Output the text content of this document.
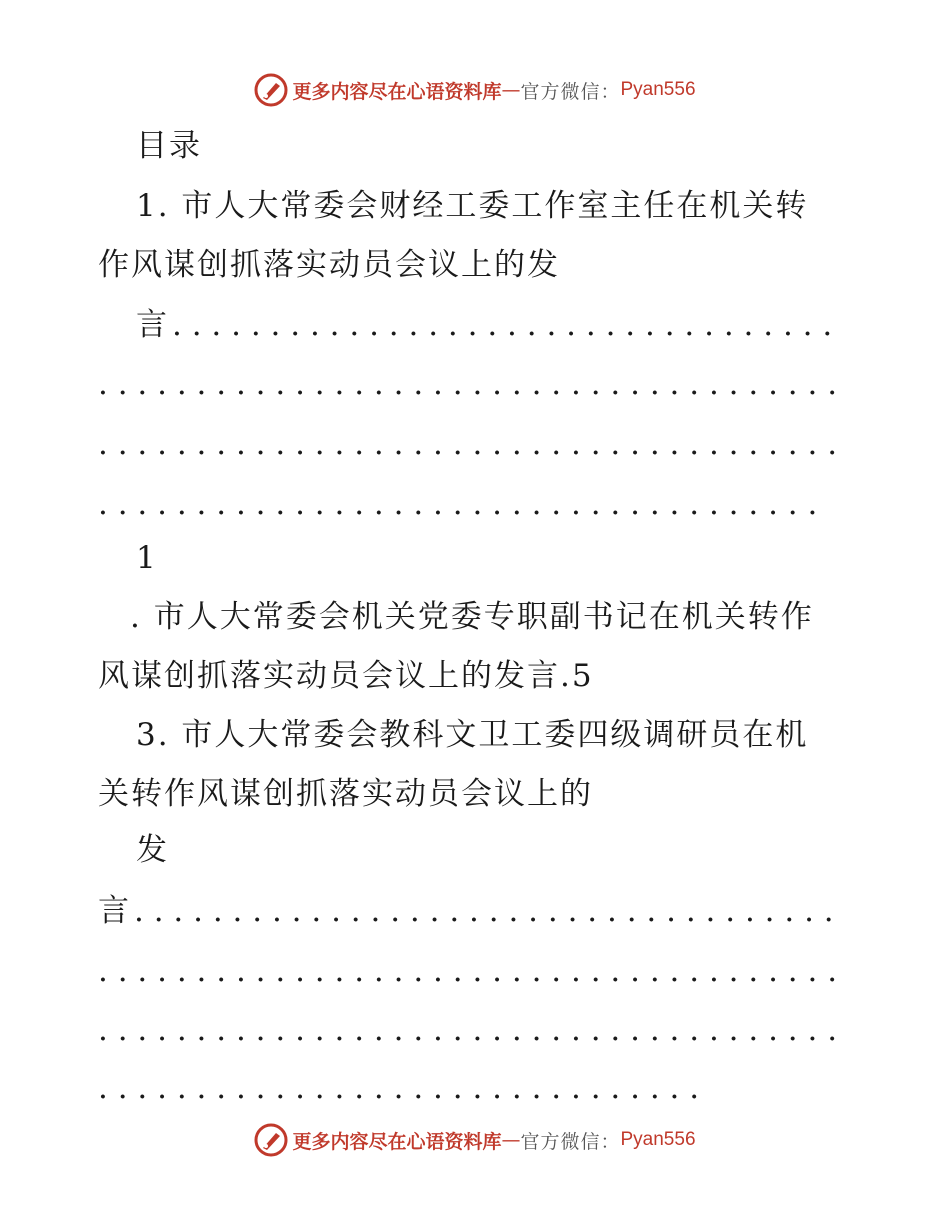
更多内容尽在心语资料库 — 官方微信： Pyan556
目录
1. 市人大常委会财经工委工作室主任在机关转
作风谋创抓落实动员会议上的发
言
. . .
. . .
. . .
. . .
1
. 市人大常委会机关党委专职副书记在机关转作
风谋创抓落实动员会议上的发言.5
3. 市人大常委会教科文卫工委四级调研员在机
关转作风谋创抓落实动员会议上的
发
言
. . .
. . .
. . .
. . .
更多内容尽在心语资料库 — 官方微信： Pyan556
